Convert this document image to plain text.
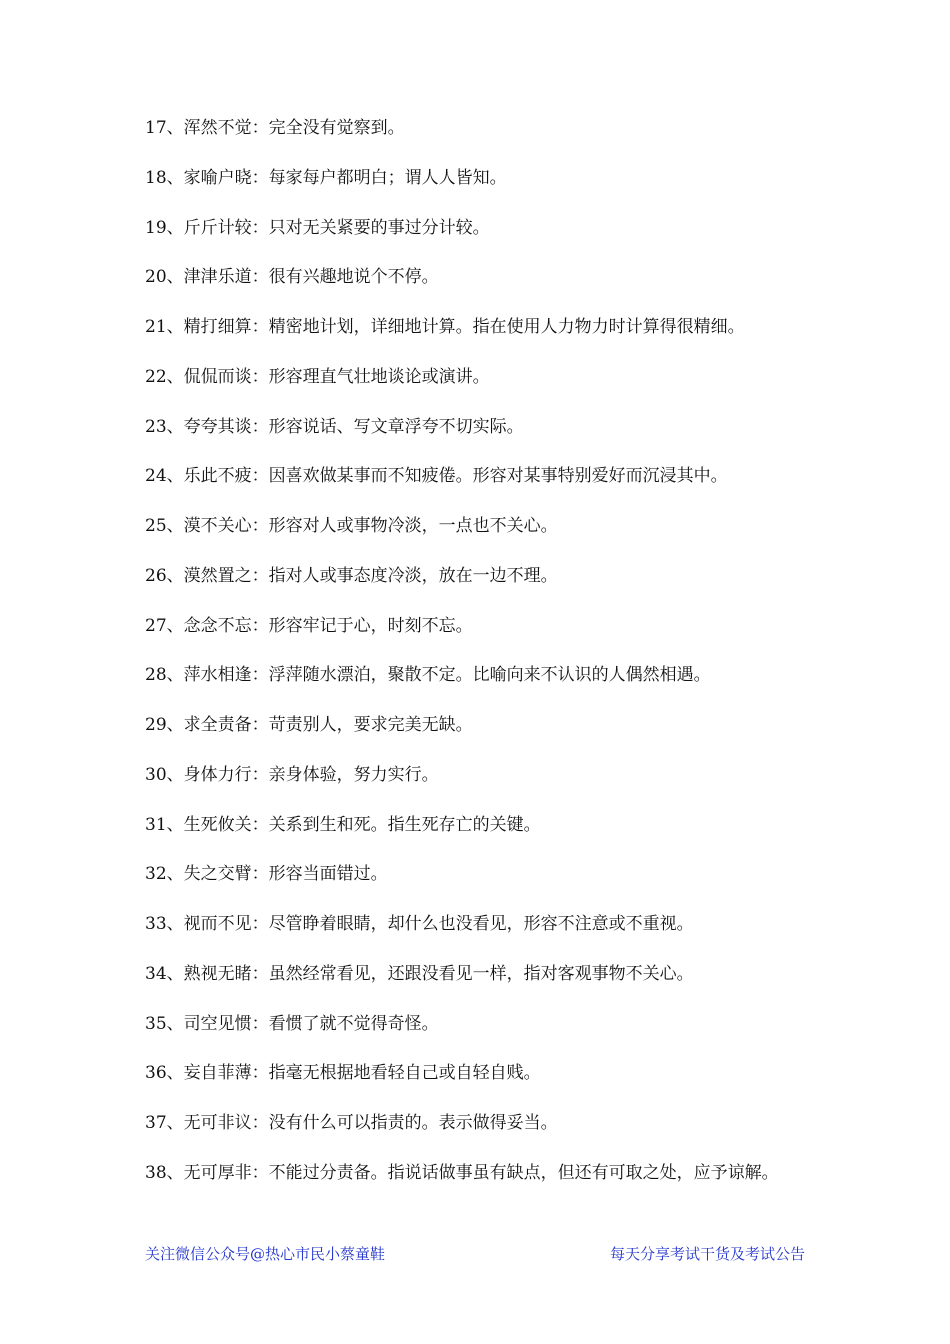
17、浑然不觉：完全没有觉察到。
18、家喻户晓：每家每户都明白；谓人人皆知。
19、斤斤计较：只对无关紧要的事过分计较。
20、津津乐道：很有兴趣地说个不停。
21、精打细算：精密地计划，详细地计算。指在使用人力物力时计算得很精细。
22、侃侃而谈：形容理直气壮地谈论或演讲。
23、夸夸其谈：形容说话、写文章浮夸不切实际。
24、乐此不疲：因喜欢做某事而不知疲倦。形容对某事特别爱好而沉浸其中。
25、漠不关心：形容对人或事物冷淡，一点也不关心。
26、漠然置之：指对人或事态度冷淡，放在一边不理。
27、念念不忘：形容牢记于心，时刻不忘。
28、萍水相逢：浮萍随水漂泊，聚散不定。比喻向来不认识的人偶然相遇。
29、求全责备：苛责别人，要求完美无缺。
30、身体力行：亲身体验，努力实行。
31、生死攸关：关系到生和死。指生死存亡的关键。
32、失之交臂：形容当面错过。
33、视而不见：尽管睁着眼睛，却什么也没看见，形容不注意或不重视。
34、熟视无睹：虽然经常看见，还跟没看见一样，指对客观事物不关心。
35、司空见惯：看惯了就不觉得奇怪。
36、妄自菲薄：指毫无根据地看轻自己或自轻自贱。
37、无可非议：没有什么可以指责的。表示做得妥当。
38、无可厚非：不能过分责备。指说话做事虽有缺点，但还有可取之处，应予谅解。
关注微信公众号@热心市民小蔡童鞋	每天分享考试干货及考试公告
